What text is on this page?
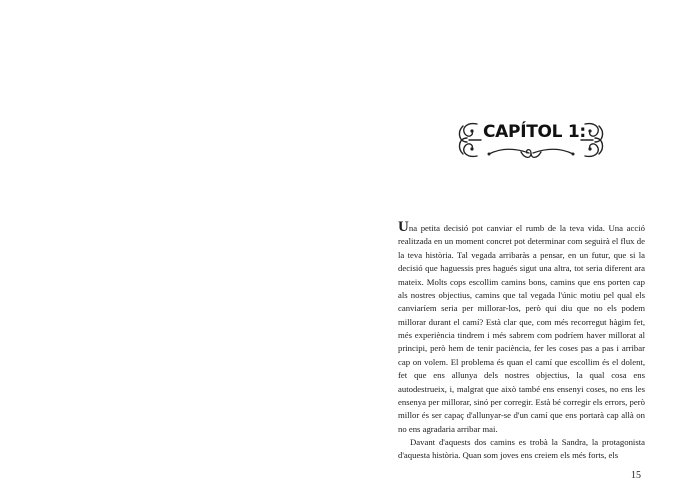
CAPÍTOL 1:

Una petita decisió pot canviar el rumb de la teva vida. Una acció realitzada en un moment concret pot determinar com seguirà el flux de la teva història. Tal vegada arribaràs a pensar, en un futur, que si la decisió que haguessis pres hagués sigut una altra, tot seria diferent ara mateix. Molts cops escollim camins bons, camins que ens porten cap als nostres objectius, camins que tal vegada l'únic motiu pel qual els canviaríem seria per millorar-los, però qui diu que no els podem millorar durant el camí? Està clar que, com més recorregut hàgim fet, més experiència tindrem i més sabrem com podríem haver millorat al principi, però hem de tenir paciència, fer les coses pas a pas i arribar cap on volem. El problema és quan el camí que escollim és el dolent, fet que ens allunya dels nostres objectius, la qual cosa ens autodestrueix, i, malgrat que això també ens ensenyi coses, no ens les ensenya per millorar, sinó per corregir. Està bé corregir els errors, però millor és ser capaç d'allunyar-se d'un camí que ens portarà cap allà on no ens agradaria arribar mai.

Davant d'aquests dos camins es trobà la Sandra, la protagonista d'aquesta història. Quan som joves ens creiem els més forts, els

15
